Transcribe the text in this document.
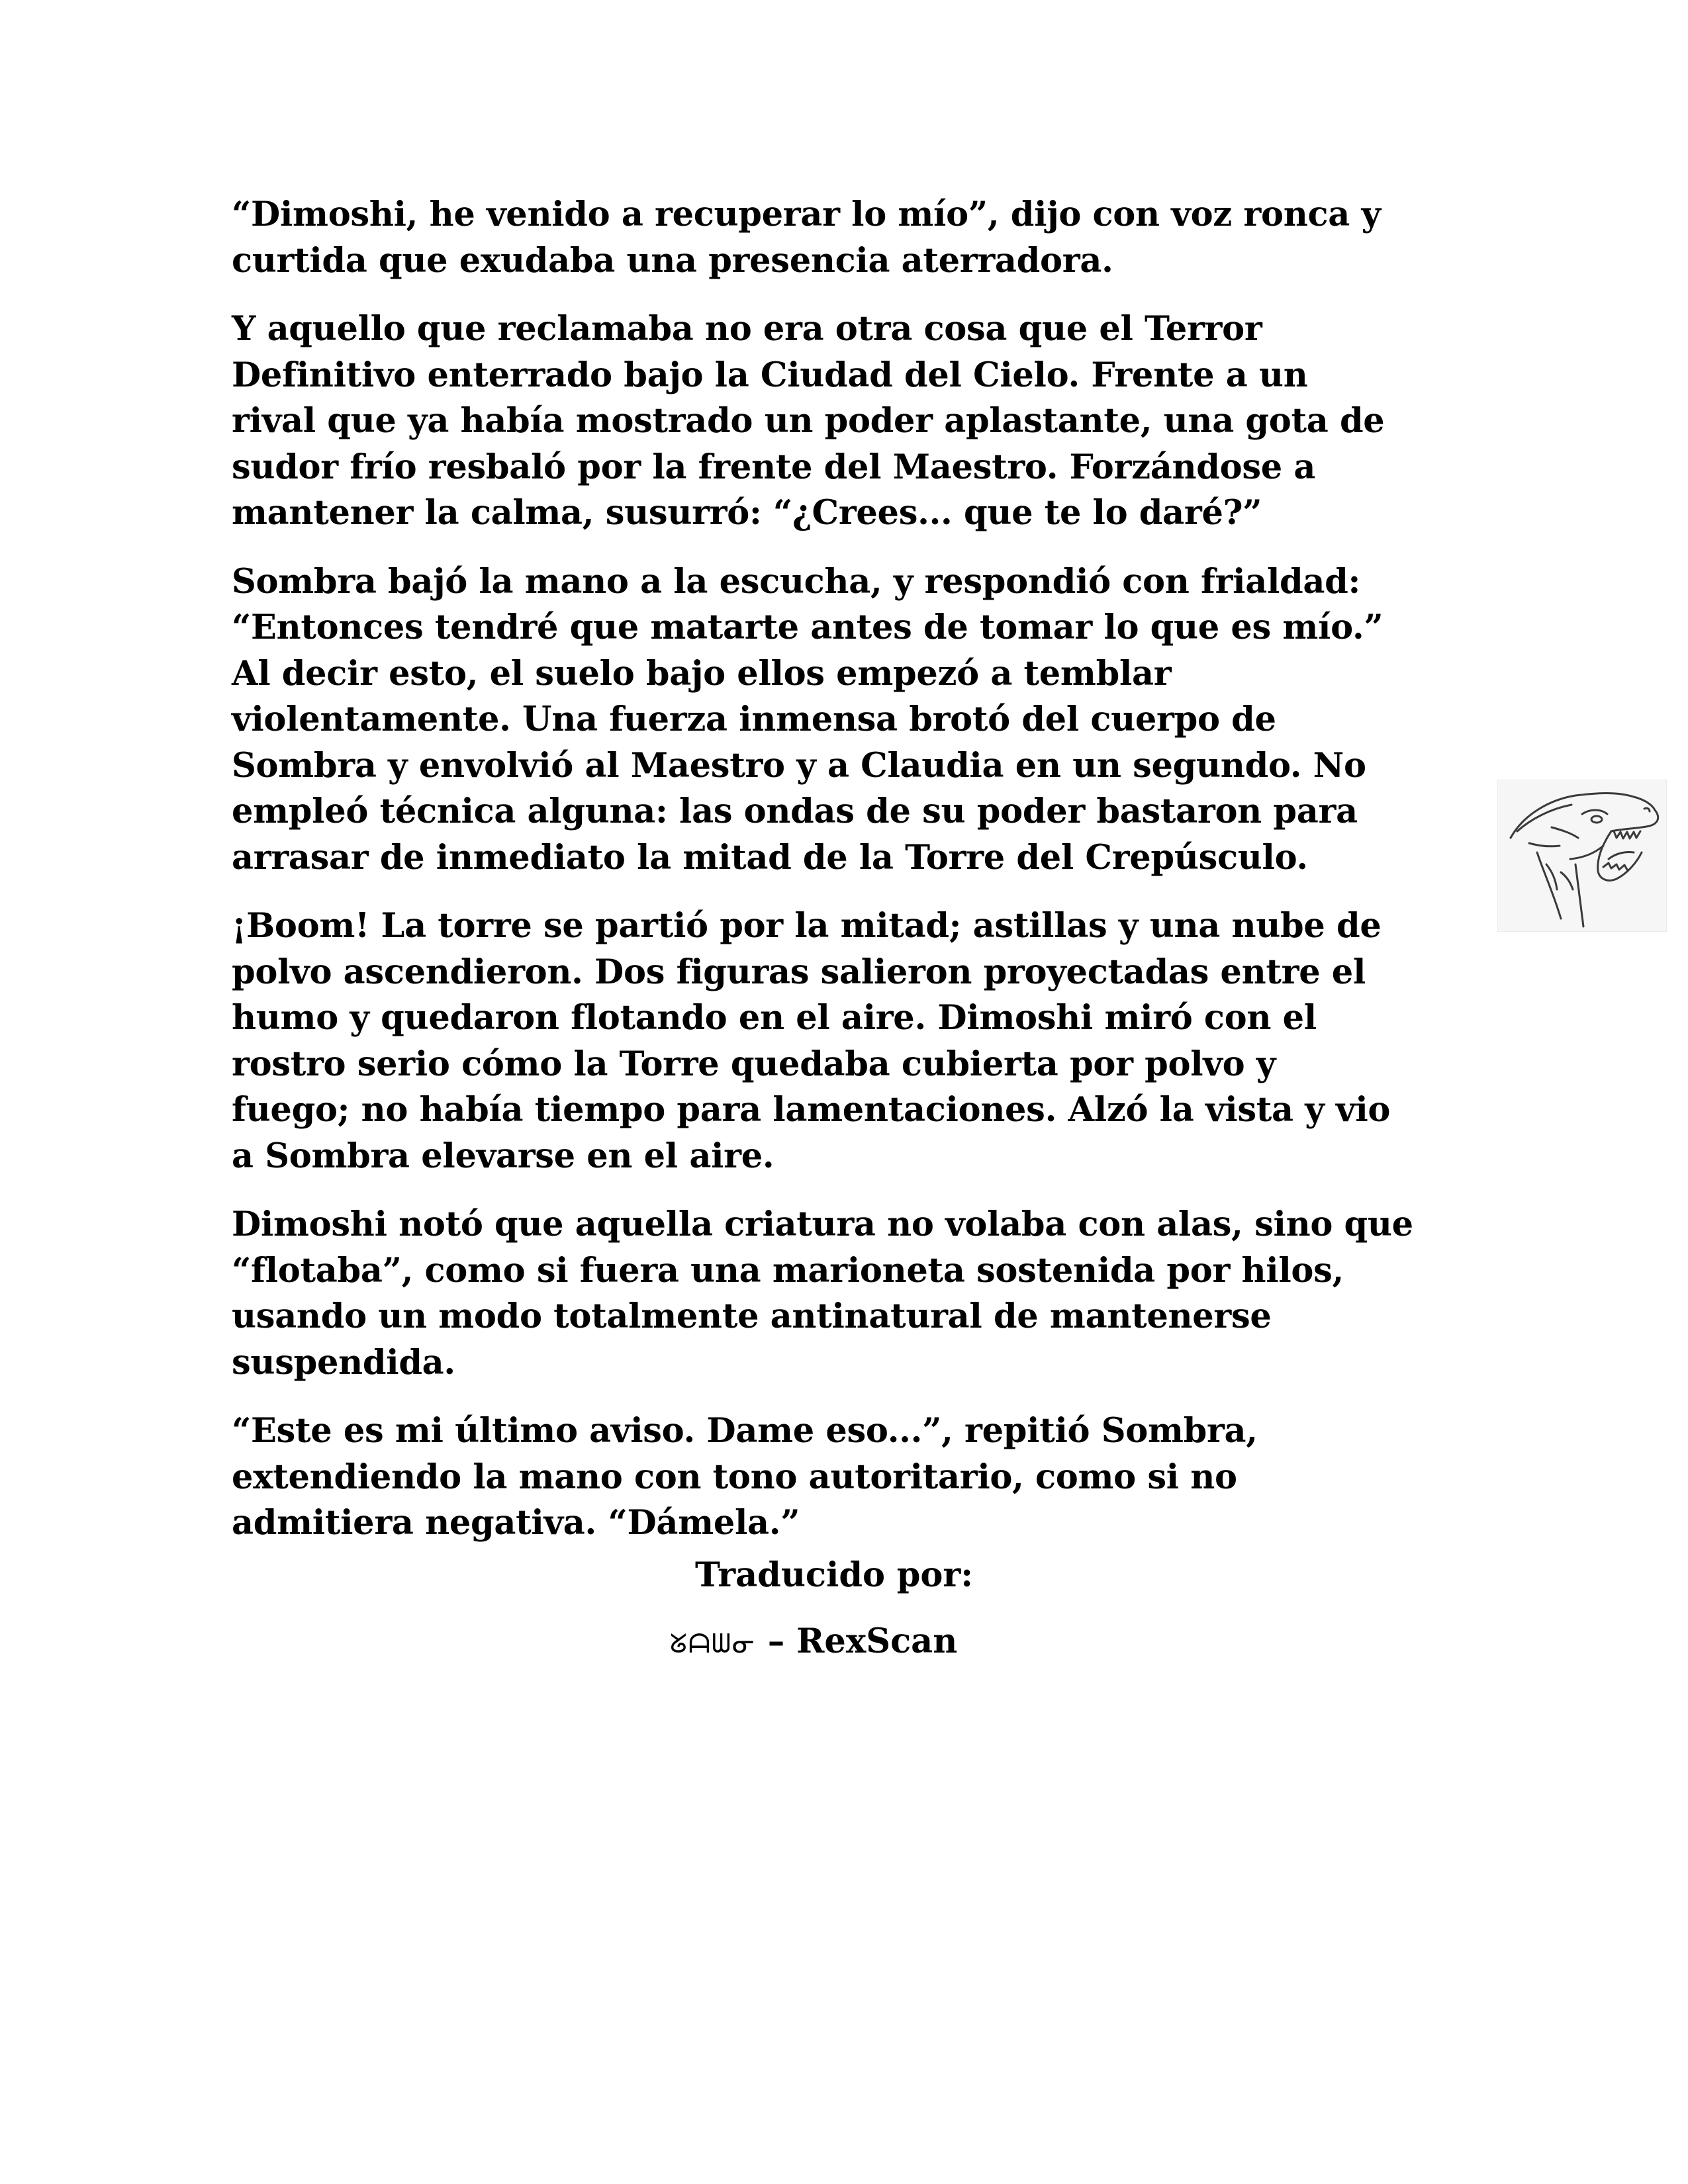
“Dimoshi, he venido a recuperar lo mío”, dijo con voz ronca y
curtida que exudaba una presencia aterradora.
Y aquello que reclamaba no era otra cosa que el Terror
Definitivo enterrado bajo la Ciudad del Cielo. Frente a un
rival que ya había mostrado un poder aplastante, una gota de
sudor frío resbaló por la frente del Maestro. Forzándose a
mantener la calma, susurró: “¿Crees... que te lo daré?”
Sombra bajó la mano a la escucha, y respondió con frialdad:
“Entonces tendré que matarte antes de tomar lo que es mío.”
Al decir esto, el suelo bajo ellos empezó a temblar
violentamente. Una fuerza inmensa brotó del cuerpo de
Sombra y envolvió al Maestro y a Claudia en un segundo. No
empleó técnica alguna: las ondas de su poder bastaron para
arrasar de inmediato la mitad de la Torre del Crepúsculo.
¡Boom! La torre se partió por la mitad; astillas y una nube de
polvo ascendieron. Dos figuras salieron proyectadas entre el
humo y quedaron flotando en el aire. Dimoshi miró con el
rostro serio cómo la Torre quedaba cubierta por polvo y
fuego; no había tiempo para lamentaciones. Alzó la vista y vio
a Sombra elevarse en el aire.
Dimoshi notó que aquella criatura no volaba con alas, sino que
“flotaba”, como si fuera una marioneta sostenida por hilos,
usando un modo totalmente antinatural de mantenerse
suspendida.
“Este es mi último aviso. Dame eso...”, repitió Sombra,
extendiendo la mano con tono autoritario, como si no
admitiera negativa. “Dámela.”
Traducido por:
ᘜᗩᗯᓂ – RexScan
